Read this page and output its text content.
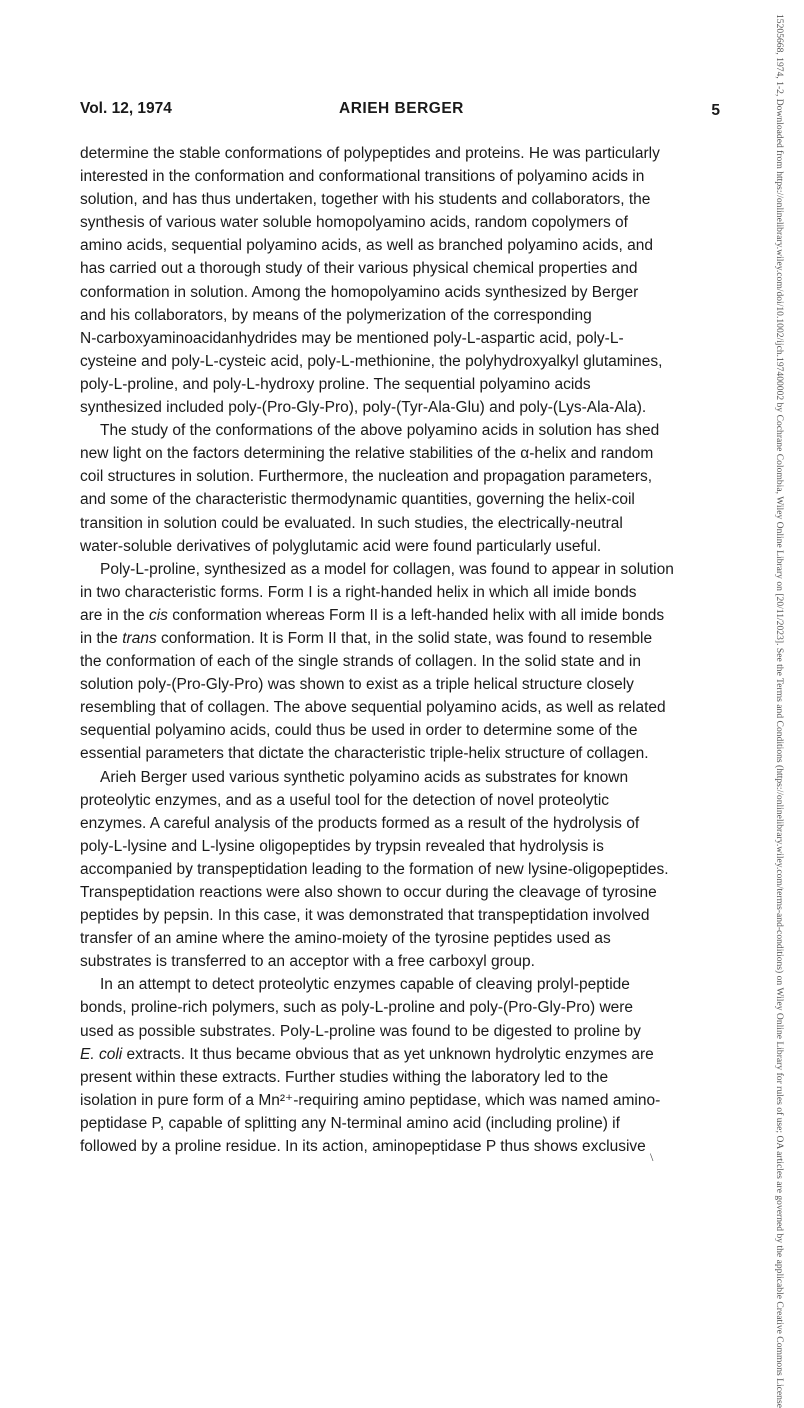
Vol. 12, 1974	ARIEH BERGER	5
determine the stable conformations of polypeptides and proteins. He was particularly
interested in the conformation and conformational transitions of polyamino acids in
solution, and has thus undertaken, together with his students and collaborators, the
synthesis of various water soluble homopolyamino acids, random copolymers of
amino acids, sequential polyamino acids, as well as branched polyamino acids, and
has carried out a thorough study of their various physical chemical properties and
conformation in solution. Among the homopolyamino acids synthesized by Berger
and his collaborators, by means of the polymerization of the corresponding
N-carboxyaminoacidanhydrides may be mentioned poly-L-aspartic acid, poly-L-
cysteine and poly-L-cysteic acid, poly-L-methionine, the polyhydroxyalkyl glutamines,
poly-L-proline, and poly-L-hydroxy proline. The sequential polyamino acids
synthesized included poly-(Pro-Gly-Pro), poly-(Tyr-Ala-Glu) and poly-(Lys-Ala-Ala).
The study of the conformations of the above polyamino acids in solution has shed
new light on the factors determining the relative stabilities of the α-helix and random
coil structures in solution. Furthermore, the nucleation and propagation parameters,
and some of the characteristic thermodynamic quantities, governing the helix-coil
transition in solution could be evaluated. In such studies, the electrically-neutral
water-soluble derivatives of polyglutamic acid were found particularly useful.
Poly-L-proline, synthesized as a model for collagen, was found to appear in solution
in two characteristic forms. Form I is a right-handed helix in which all imide bonds
are in the cis conformation whereas Form II is a left-handed helix with all imide bonds
in the trans conformation. It is Form II that, in the solid state, was found to resemble
the conformation of each of the single strands of collagen. In the solid state and in
solution poly-(Pro-Gly-Pro) was shown to exist as a triple helical structure closely
resembling that of collagen. The above sequential polyamino acids, as well as related
sequential polyamino acids, could thus be used in order to determine some of the
essential parameters that dictate the characteristic triple-helix structure of collagen.
Arieh Berger used various synthetic polyamino acids as substrates for known
proteolytic enzymes, and as a useful tool for the detection of novel proteolytic
enzymes. A careful analysis of the products formed as a result of the hydrolysis of
poly-L-lysine and L-lysine oligopeptides by trypsin revealed that hydrolysis is
accompanied by transpeptidation leading to the formation of new lysine-oligopeptides.
Transpeptidation reactions were also shown to occur during the cleavage of tyrosine
peptides by pepsin. In this case, it was demonstrated that transpeptidation involved
transfer of an amine where the amino-moiety of the tyrosine peptides used as
substrates is transferred to an acceptor with a free carboxyl group.
In an attempt to detect proteolytic enzymes capable of cleaving prolyl-peptide
bonds, proline-rich polymers, such as poly-L-proline and poly-(Pro-Gly-Pro) were
used as possible substrates. Poly-L-proline was found to be digested to proline by
E. coli extracts. It thus became obvious that as yet unknown hydrolytic enzymes are
present within these extracts. Further studies withing the laboratory led to the
isolation in pure form of a Mn²⁺-requiring amino peptidase, which was named amino-
peptidase P, capable of splitting any N-terminal amino acid (including proline) if
followed by a proline residue. In its action, aminopeptidase P thus shows exclusive	15205668, 1974, 1-2, Downloaded from https://onlinelibrary.wiley.com/doi/10.1002/ijch.197400002 by Cochrane Colombia, Wiley Online Library on [20/11/2023]. See the Terms and Conditions (https://onlinelibrary.wiley.com/terms-and-conditions) on Wiley Online Library for rules of use; OA articles are governed by the applicable Creative Commons License
\
